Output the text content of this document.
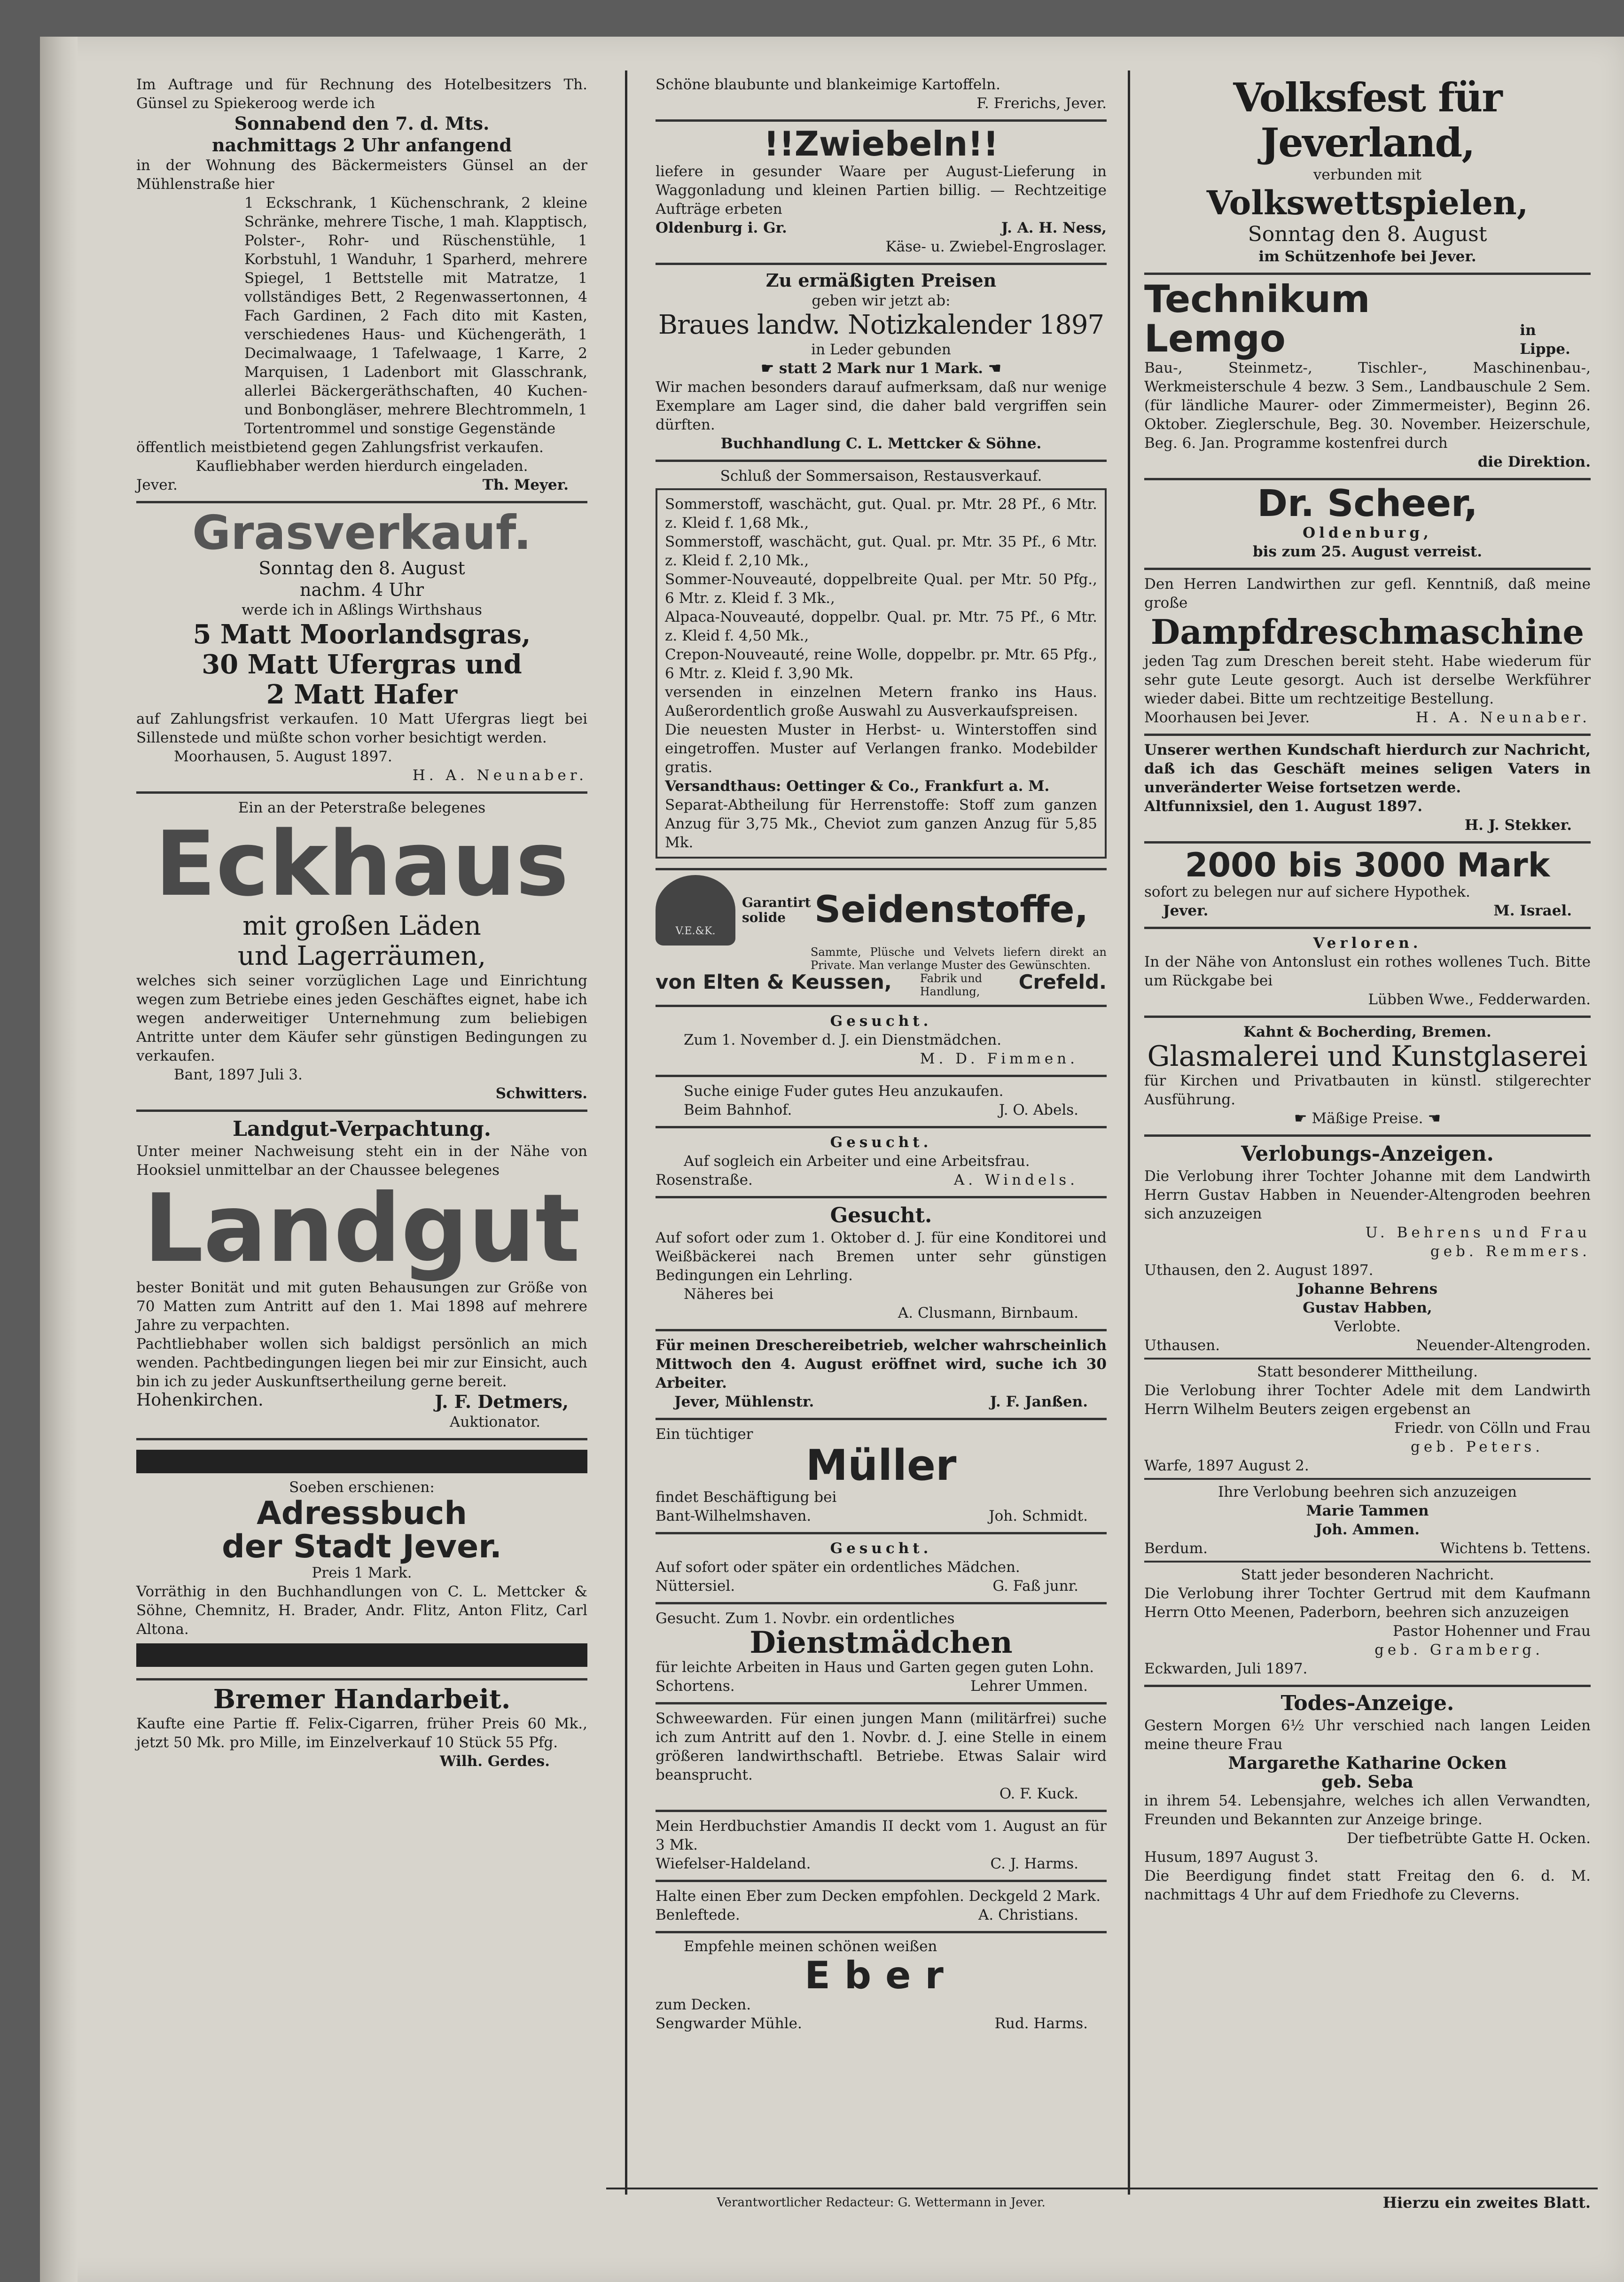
Im Auftrage und für Rechnung des Hotelbesitzers Th. Günsel zu Spiekeroog werde ich
Sonnabend den 7. d. Mts.
nachmittags 2 Uhr anfangend
in der Wohnung des Bäckermeisters Günsel an der Mühlenstraße hier
1 Eckschrank, 1 Küchenschrank, 2 kleine Schränke, mehrere Tische, 1 mah. Klapptisch, Polster-, Rohr- und Rüschenstühle, 1 Korbstuhl, 1 Wanduhr, 1 Sparherd, mehrere Spiegel, 1 Bettstelle mit Matratze, 1 vollständiges Bett, 2 Regenwassertonnen, 4 Fach Gardinen, 2 Fach dito mit Kasten, verschiedenes Haus- und Küchengeräth, 1 Decimalwaage, 1 Tafelwaage, 1 Karre, 2 Marquisen, 1 Ladenbort mit Glasschrank, allerlei Bäckergeräthschaften, 40 Kuchen- und Bonbongläser, mehrere Blechtrommeln, 1 Tortentrommel und sonstige Gegenstände
öffentlich meistbietend gegen Zahlungsfrist verkaufen.
Kaufliebhaber werden hierdurch eingeladen.
Jever.	Th. Meyer.
Grasverkauf.
Sonntag den 8. August
nachm. 4 Uhr
werde ich in Aßlings Wirthshaus
5 Matt Moorlandsgras,
30 Matt Ufergras und
2 Matt Hafer
auf Zahlungsfrist verkaufen. 10 Matt Ufergras liegt bei Sillenstede und müßte schon vorher besichtigt werden.
Moorhausen, 5. August 1897.
H. A. Neunaber.
Ein an der Peterstraße belegenes
Eckhaus
mit großen Läden
und Lagerräumen,
welches sich seiner vorzüglichen Lage und Einrichtung wegen zum Betriebe eines jeden Geschäftes eignet, habe ich wegen anderweitiger Unternehmung zum beliebigen Antritte unter dem Käufer sehr günstigen Bedingungen zu verkaufen.
Bant, 1897 Juli 3.
Schwitters.
Landgut-Verpachtung.
Unter meiner Nachweisung steht ein in der Nähe von Hooksiel unmittelbar an der Chaussee belegenes
Landgut
bester Bonität und mit guten Behausungen zur Größe von 70 Matten zum Antritt auf den 1. Mai 1898 auf mehrere Jahre zu verpachten.
Pachtliebhaber wollen sich baldigst persönlich an mich wenden. Pachtbedingungen liegen bei mir zur Einsicht, auch bin ich zu jeder Auskunftsertheilung gerne bereit.
Hohenkirchen.	J. F. Detmers,
Auktionator.
Soeben erschienen:
Adressbuch
der Stadt Jever.
Preis 1 Mark.
Vorräthig in den Buchhandlungen von C. L. Mettcker & Söhne, Chemnitz, H. Brader, Andr. Flitz, Anton Flitz, Carl Altona.
Bremer Handarbeit.
Kaufte eine Partie ff. Felix-Cigarren, früher Preis 60 Mk., jetzt 50 Mk. pro Mille, im Einzelverkauf 10 Stück 55 Pfg.
Wilh. Gerdes.
Schöne blaubunte und blankeimige Kartoffeln.
F. Frerichs, Jever.
!!Zwiebeln!!
liefere in gesunder Waare per August-Lieferung in Waggonladung und kleinen Partien billig. — Rechtzeitige Aufträge erbeten
Oldenburg i. Gr.	J. A. H. Ness,
Käse- u. Zwiebel-Engroslager.
Zu ermäßigten Preisen
geben wir jetzt ab:
Braues landw. Notizkalender 1897
in Leder gebunden
☛ statt 2 Mark nur 1 Mark. ☚
Wir machen besonders darauf aufmerksam, daß nur wenige Exemplare am Lager sind, die daher bald vergriffen sein dürften.
Buchhandlung C. L. Mettcker & Söhne.
Schluß der Sommersaison, Restausverkauf.
Sommerstoff, waschächt, gut. Qual. pr. Mtr. 28 Pf., 6 Mtr. z. Kleid f. 1,68 Mk.,
Sommerstoff, waschächt, gut. Qual. pr. Mtr. 35 Pf., 6 Mtr. z. Kleid f. 2,10 Mk.,
Sommer-Nouveauté, doppelbreite Qual. per Mtr. 50 Pfg., 6 Mtr. z. Kleid f. 3 Mk.,
Alpaca-Nouveauté, doppelbr. Qual. pr. Mtr. 75 Pf., 6 Mtr. z. Kleid f. 4,50 Mk.,
Crepon-Nouveauté, reine Wolle, doppelbr. pr. Mtr. 65 Pfg., 6 Mtr. z. Kleid f. 3,90 Mk.
versenden in einzelnen Metern franko ins Haus. Außerordentlich große Auswahl zu Ausverkaufspreisen.
Die neuesten Muster in Herbst- u. Winterstoffen sind eingetroffen. Muster auf Verlangen franko. Modebilder gratis.
Versandthaus: Oettinger & Co., Frankfurt a. M.
Separat-Abtheilung für Herrenstoffe: Stoff zum ganzen Anzug für 3,75 Mk., Cheviot zum ganzen Anzug für 5,85 Mk.
V.E.&K.
Garantirt solide Seidenstoffe,
Sammte, Plüsche und Velvets liefern direkt an Private. Man verlange Muster des Gewünschten.
von Elten & Keussen,	Fabrik und Handlung,	Crefeld.
Gesucht.
Zum 1. November d. J. ein Dienstmädchen.
M. D. Fimmen.
Suche einige Fuder gutes Heu anzukaufen.
Beim Bahnhof.	J. O. Abels.
Gesucht.
Auf sogleich ein Arbeiter und eine Arbeitsfrau.
Rosenstraße.	A. Windels.
Gesucht.
Auf sofort oder zum 1. Oktober d. J. für eine Konditorei und Weißbäckerei nach Bremen unter sehr günstigen Bedingungen ein Lehrling.
Näheres bei
A. Clusmann, Birnbaum.
Für meinen Dreschereibetrieb, welcher wahrscheinlich Mittwoch den 4. August eröffnet wird, suche ich 30 Arbeiter.
Jever, Mühlenstr.	J. F. Janßen.
Ein tüchtiger
Müller
findet Beschäftigung bei
Bant-Wilhelmshaven.	Joh. Schmidt.
Gesucht.
Auf sofort oder später ein ordentliches Mädchen.
Nüttersiel.	G. Faß junr.
Gesucht. Zum 1. Novbr. ein ordentliches
Dienstmädchen
für leichte Arbeiten in Haus und Garten gegen guten Lohn.
Schortens.	Lehrer Ummen.
Schweewarden. Für einen jungen Mann (militärfrei) suche ich zum Antritt auf den 1. Novbr. d. J. eine Stelle in einem größeren landwirthschaftl. Betriebe. Etwas Salair wird beansprucht.
O. F. Kuck.
Mein Herdbuchstier Amandis II deckt vom 1. August an für 3 Mk.
Wiefelser-Haldeland.	C. J. Harms.
Halte einen Eber zum Decken empfohlen. Deckgeld 2 Mark.
Benleftede.	A. Christians.
Empfehle meinen schönen weißen
Eber
zum Decken.
Sengwarder Mühle.	Rud. Harms.
Volksfest für Jeverland,
verbunden mit
Volkswettspielen,
Sonntag den 8. August
im Schützenhofe bei Jever.
Technikum Lemgo	in Lippe.
Bau-, Steinmetz-, Tischler-, Maschinenbau-, Werkmeisterschule 4 bezw. 3 Sem., Landbauschule 2 Sem. (für ländliche Maurer- oder Zimmermeister), Beginn 26. Oktober. Zieglerschule, Beg. 30. November. Heizerschule, Beg. 6. Jan. Programme kostenfrei durch
die Direktion.
Dr. Scheer,
Oldenburg,
bis zum 25. August verreist.
Den Herren Landwirthen zur gefl. Kenntniß, daß meine große
Dampfdreschmaschine
jeden Tag zum Dreschen bereit steht. Habe wiederum für sehr gute Leute gesorgt. Auch ist derselbe Werkführer wieder dabei. Bitte um rechtzeitige Bestellung.
Moorhausen bei Jever.	H. A. Neunaber.
Unserer werthen Kundschaft hierdurch zur Nachricht, daß ich das Geschäft meines seligen Vaters in unveränderter Weise fortsetzen werde.
Altfunnixsiel, den 1. August 1897.
H. J. Stekker.
2000 bis 3000 Mark
sofort zu belegen nur auf sichere Hypothek.
Jever.	M. Israel.
Verloren.
In der Nähe von Antonslust ein rothes wollenes Tuch. Bitte um Rückgabe bei
Lübben Wwe., Fedderwarden.
Kahnt & Bocherding, Bremen.
Glasmalerei und Kunstglaserei
für Kirchen und Privatbauten in künstl. stilgerechter Ausführung.
☛ Mäßige Preise. ☚
Verlobungs-Anzeigen.
Die Verlobung ihrer Tochter Johanne mit dem Landwirth Herrn Gustav Habben in Neuender-Altengroden beehren sich anzuzeigen
U. Behrens und Frau
geb. Remmers.
Uthausen, den 2. August 1897.
Johanne Behrens
Gustav Habben,
Verlobte.
Uthausen.	Neuender-Altengroden.
Statt besonderer Mittheilung.
Die Verlobung ihrer Tochter Adele mit dem Landwirth Herrn Wilhelm Beuters zeigen ergebenst an
Friedr. von Cölln und Frau
geb. Peters.
Warfe, 1897 August 2.
Ihre Verlobung beehren sich anzuzeigen
Marie Tammen
Joh. Ammen.
Berdum.	Wichtens b. Tettens.
Statt jeder besonderen Nachricht.
Die Verlobung ihrer Tochter Gertrud mit dem Kaufmann Herrn Otto Meenen, Paderborn, beehren sich anzuzeigen
Pastor Hohenner und Frau
geb. Gramberg.
Eckwarden, Juli 1897.
Todes-Anzeige.
Gestern Morgen 6½ Uhr verschied nach langen Leiden meine theure Frau
Margarethe Katharine Ocken
geb. Seba
in ihrem 54. Lebensjahre, welches ich allen Verwandten, Freunden und Bekannten zur Anzeige bringe.
Der tiefbetrübte Gatte H. Ocken.
Husum, 1897 August 3.
Die Beerdigung findet statt Freitag den 6. d. M. nachmittags 4 Uhr auf dem Friedhofe zu Cleverns.
Verantwortlicher Redacteur: G. Wettermann in Jever.	Hierzu ein zweites Blatt.
